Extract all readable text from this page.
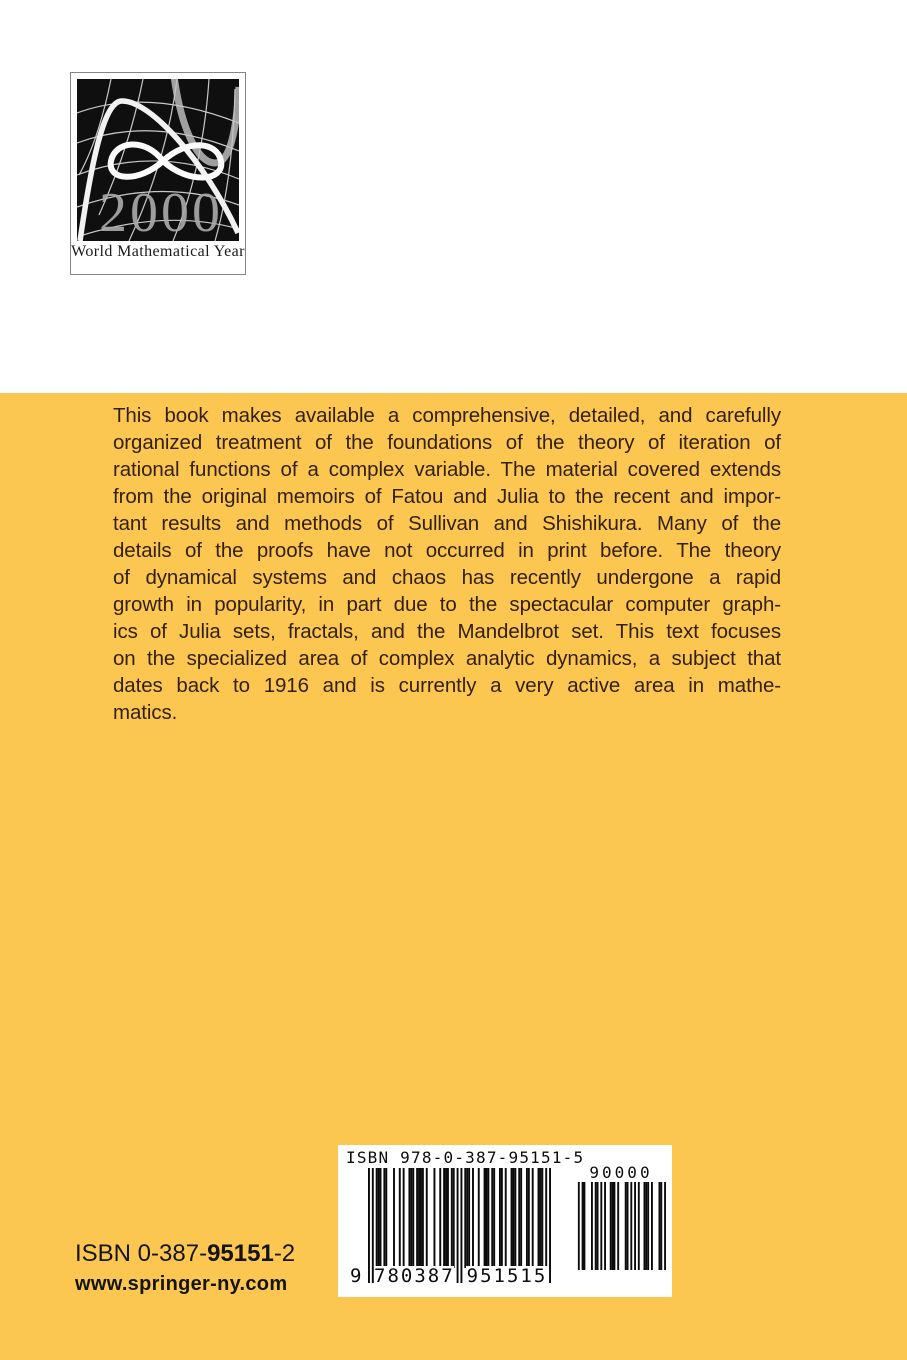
2000
World Mathematical Year
This book makes available a comprehensive, detailed, and carefully
organized treatment of the foundations of the theory of iteration of
rational functions of a complex variable. The material covered extends
from the original memoirs of Fatou and Julia to the recent and impor-
tant results and methods of Sullivan and Shishikura. Many of the
details of the proofs have not occurred in print before. The theory
of dynamical systems and chaos has recently undergone a rapid
growth in popularity, in part due to the spectacular computer graph-
ics of Julia sets, fractals, and the Mandelbrot set. This text focuses
on the specialized area of complex analytic dynamics, a subject that
dates back to 1916 and is currently a very active area in mathe-
matics.
ISBN 978-0-387-95151-5
90000
9 780387 951515
ISBN 0-387-95151-2
www.springer-ny.com
